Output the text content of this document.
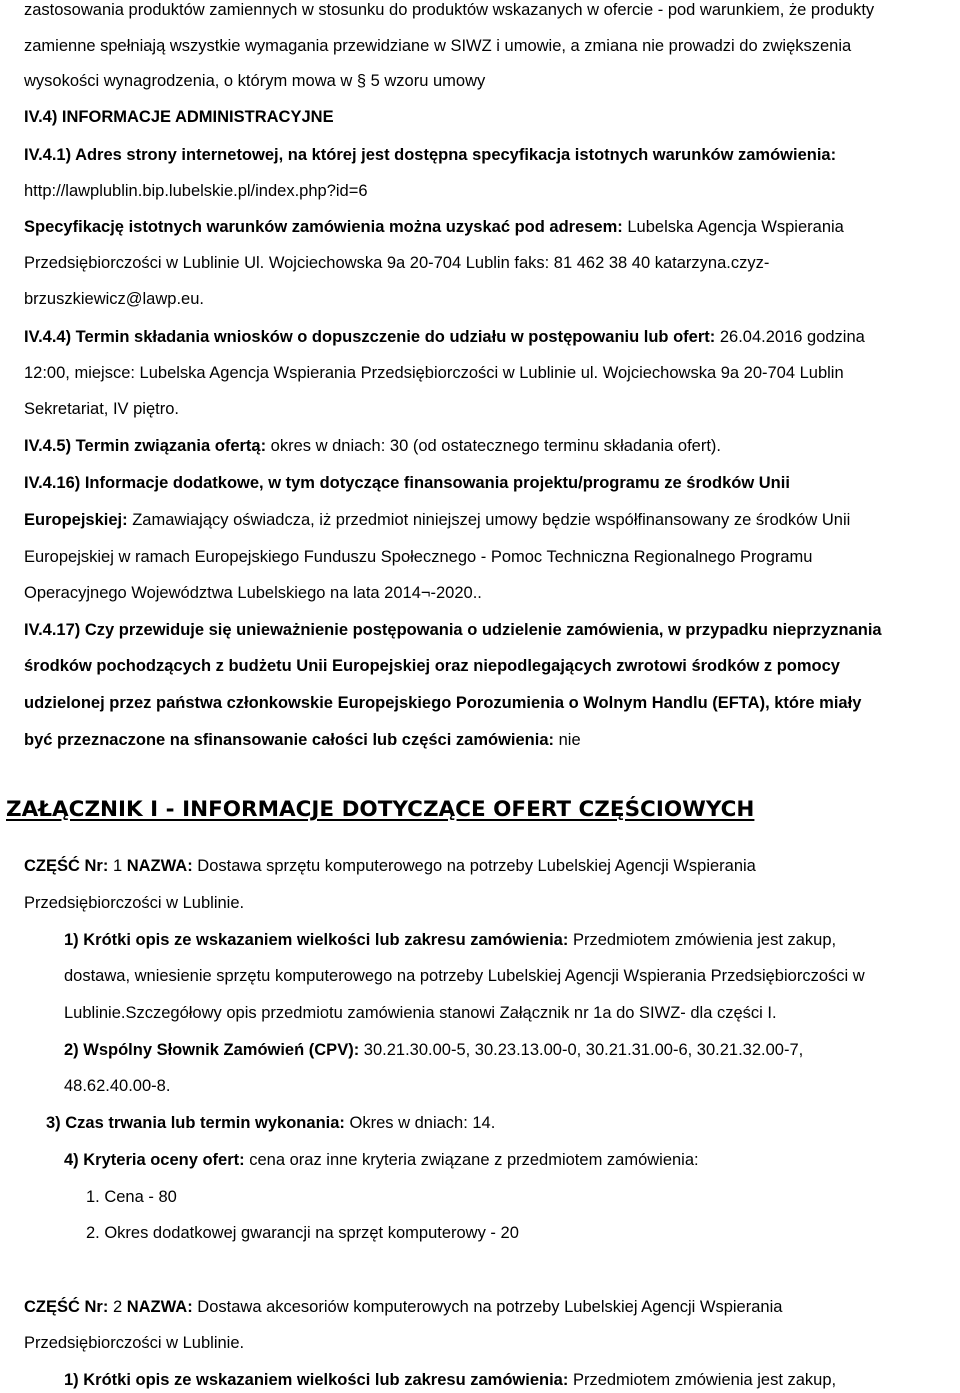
zastosowania produktów zamiennych w stosunku do produktów wskazanych w ofercie - pod warunkiem, że produkty
zamienne spełniają wszystkie wymagania przewidziane w SIWZ i umowie, a zmiana nie prowadzi do zwiększenia
wysokości wynagrodzenia, o którym mowa w § 5 wzoru umowy
IV.4) INFORMACJE ADMINISTRACYJNE
IV.4.1) Adres strony internetowej, na której jest dostępna specyfikacja istotnych warunków zamówienia:
http://lawplublin.bip.lubelskie.pl/index.php?id=6
Specyfikację istotnych warunków zamówienia można uzyskać pod adresem: Lubelska Agencja Wspierania
Przedsiębiorczości w Lublinie Ul. Wojciechowska 9a 20-704 Lublin faks: 81 462 38 40 katarzyna.czyz-
brzuszkiewicz@lawp.eu.
IV.4.4) Termin składania wniosków o dopuszczenie do udziału w postępowaniu lub ofert: 26.04.2016 godzina
12:00, miejsce: Lubelska Agencja Wspierania Przedsiębiorczości w Lublinie ul. Wojciechowska 9a 20-704 Lublin
Sekretariat, IV piętro.
IV.4.5) Termin związania ofertą: okres w dniach: 30 (od ostatecznego terminu składania ofert).
IV.4.16) Informacje dodatkowe, w tym dotyczące finansowania projektu/programu ze środków Unii
Europejskiej: Zamawiający oświadcza, iż przedmiot niniejszej umowy będzie współfinansowany ze środków Unii
Europejskiej w ramach Europejskiego Funduszu Społecznego - Pomoc Techniczna Regionalnego Programu
Operacyjnego Województwa Lubelskiego na lata 2014¬-2020..
IV.4.17) Czy przewiduje się unieważnienie postępowania o udzielenie zamówienia, w przypadku nieprzyznania
środków pochodzących z budżetu Unii Europejskiej oraz niepodlegających zwrotowi środków z pomocy
udzielonej przez państwa członkowskie Europejskiego Porozumienia o Wolnym Handlu (EFTA), które miały
być przeznaczone na sfinansowanie całości lub części zamówienia: nie
ZAŁĄCZNIK I - INFORMACJE DOTYCZĄCE OFERT CZĘŚCIOWYCH
CZĘŚĆ Nr: 1 NAZWA: Dostawa sprzętu komputerowego na potrzeby Lubelskiej Agencji Wspierania
Przedsiębiorczości w Lublinie.
1) Krótki opis ze wskazaniem wielkości lub zakresu zamówienia: Przedmiotem zmówienia jest zakup,
dostawa, wniesienie sprzętu komputerowego na potrzeby Lubelskiej Agencji Wspierania Przedsiębiorczości w
Lublinie.Szczegółowy opis przedmiotu zamówienia stanowi Załącznik nr 1a do SIWZ- dla części I.
2) Wspólny Słownik Zamówień (CPV): 30.21.30.00-5, 30.23.13.00-0, 30.21.31.00-6, 30.21.32.00-7,
48.62.40.00-8.
3) Czas trwania lub termin wykonania: Okres w dniach: 14.
4) Kryteria oceny ofert: cena oraz inne kryteria związane z przedmiotem zamówienia:
1. Cena - 80
2. Okres dodatkowej gwarancji na sprzęt komputerowy - 20
CZĘŚĆ Nr: 2 NAZWA: Dostawa akcesoriów komputerowych na potrzeby Lubelskiej Agencji Wspierania
Przedsiębiorczości w Lublinie.
1) Krótki opis ze wskazaniem wielkości lub zakresu zamówienia: Przedmiotem zmówienia jest zakup,
